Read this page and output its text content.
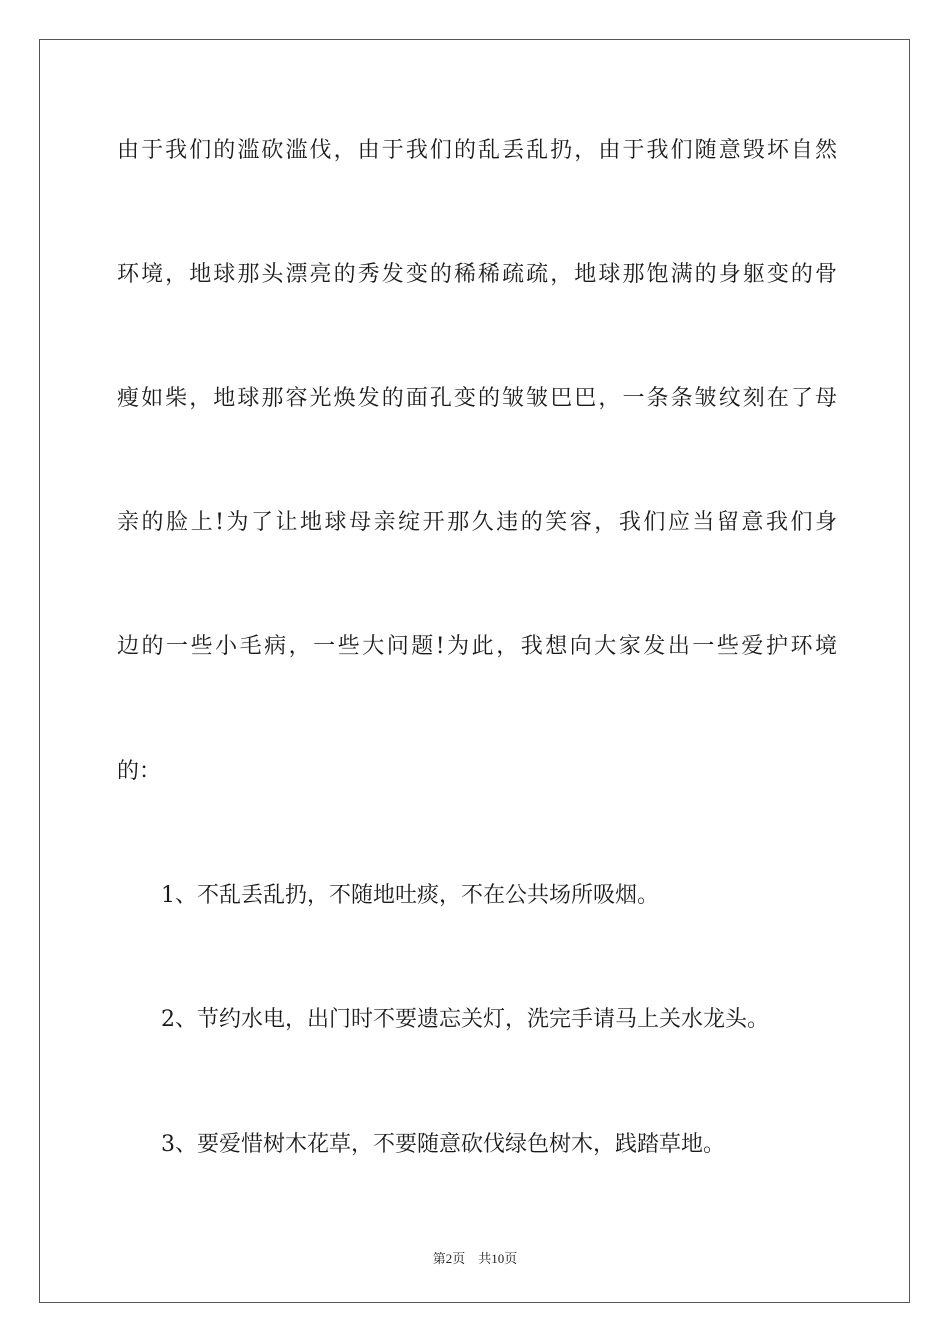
由于我们的滥砍滥伐，由于我们的乱丢乱扔，由于我们随意毁坏自然
环境，地球那头漂亮的秀发变的稀稀疏疏，地球那饱满的身躯变的骨
瘦如柴，地球那容光焕发的面孔变的皱皱巴巴，一条条皱纹刻在了母
亲的脸上!为了让地球母亲绽开那久违的笑容，我们应当留意我们身
边的一些小毛病，一些大问题!为此，我想向大家发出一些爱护环境
的：
1、不乱丢乱扔，不随地吐痰，不在公共场所吸烟。
2、节约水电，出门时不要遗忘关灯，洗完手请马上关水龙头。
3、要爱惜树木花草，不要随意砍伐绿色树木，践踏草地。
第2页 共10页
